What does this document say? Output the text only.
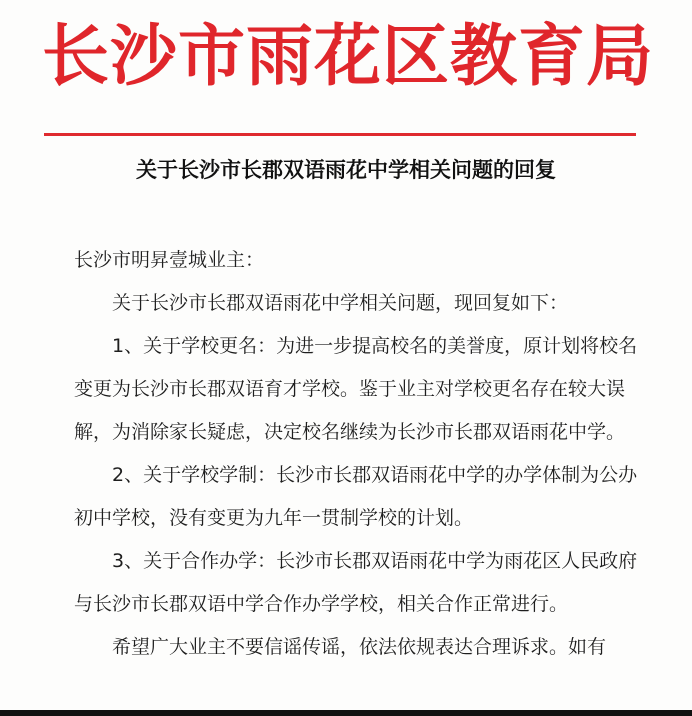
长沙市雨花区教育局
关于长沙市长郡双语雨花中学相关问题的回复

长沙市明昇壹城业主：

关于长沙市长郡双语雨花中学相关问题，现回复如下：

1、关于学校更名：为进一步提高校名的美誉度，原计划将校名变更为长沙市长郡双语育才学校。鉴于业主对学校更名存在较大误解，为消除家长疑虑，决定校名继续为长沙市长郡双语雨花中学。

2、关于学校学制：长沙市长郡双语雨花中学的办学体制为公办初中学校，没有变更为九年一贯制学校的计划。

3、关于合作办学：长沙市长郡双语雨花中学为雨花区人民政府与长沙市长郡双语中学合作办学学校，相关合作正常进行。

希望广大业主不要信谣传谣，依法依规表达合理诉求。如有
